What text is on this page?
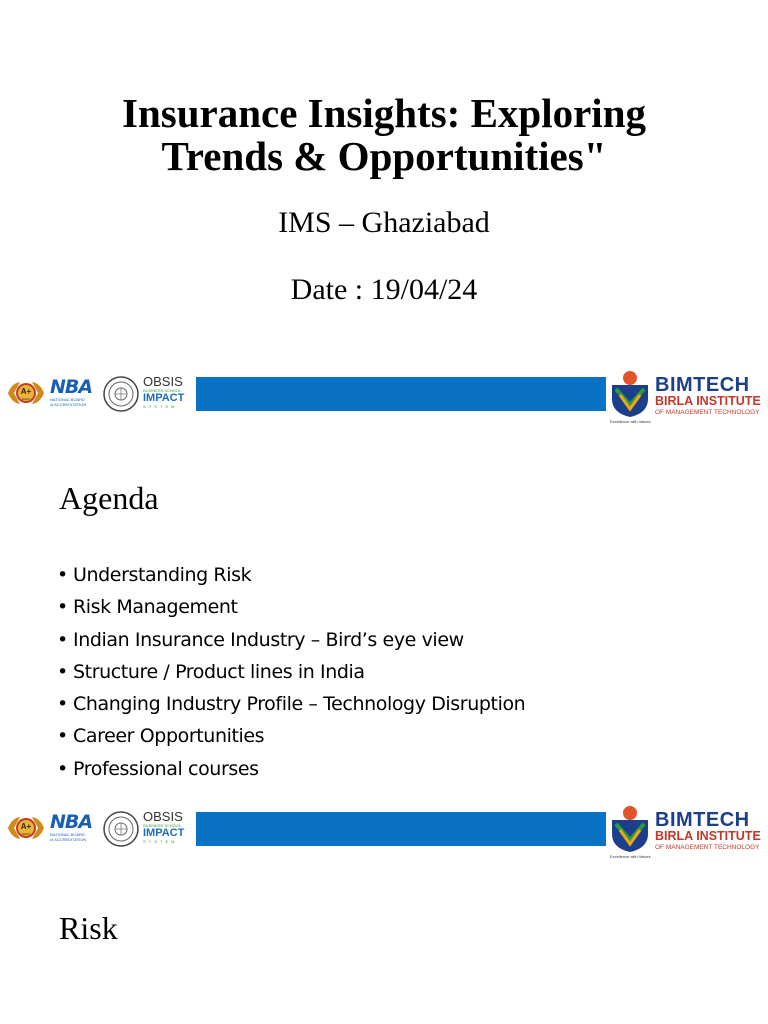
Insurance Insights: Exploring
Trends & Opportunities"
IMS – Ghaziabad
Date : 19/04/24
A+
NAAC
NBA
NATIONAL BOARD
of ACCREDITATION
OBSIS
BUSINESS SCHOOL
IMPACT
SYSTEM
BIMTECH
BIRLA INSTITUTE
OF MANAGEMENT TECHNOLOGY
Excellence with Values
Agenda
• Understanding Risk
• Risk Management
• Indian Insurance Industry – Bird’s eye view
• Structure / Product lines in India
• Changing Industry Profile – Technology Disruption
• Career Opportunities
• Professional courses
A+
NAAC
NBA
NATIONAL BOARD
of ACCREDITATION
OBSIS
BUSINESS SCHOOL
IMPACT
SYSTEM
BIMTECH
BIRLA INSTITUTE
OF MANAGEMENT TECHNOLOGY
Excellence with Values
Risk
